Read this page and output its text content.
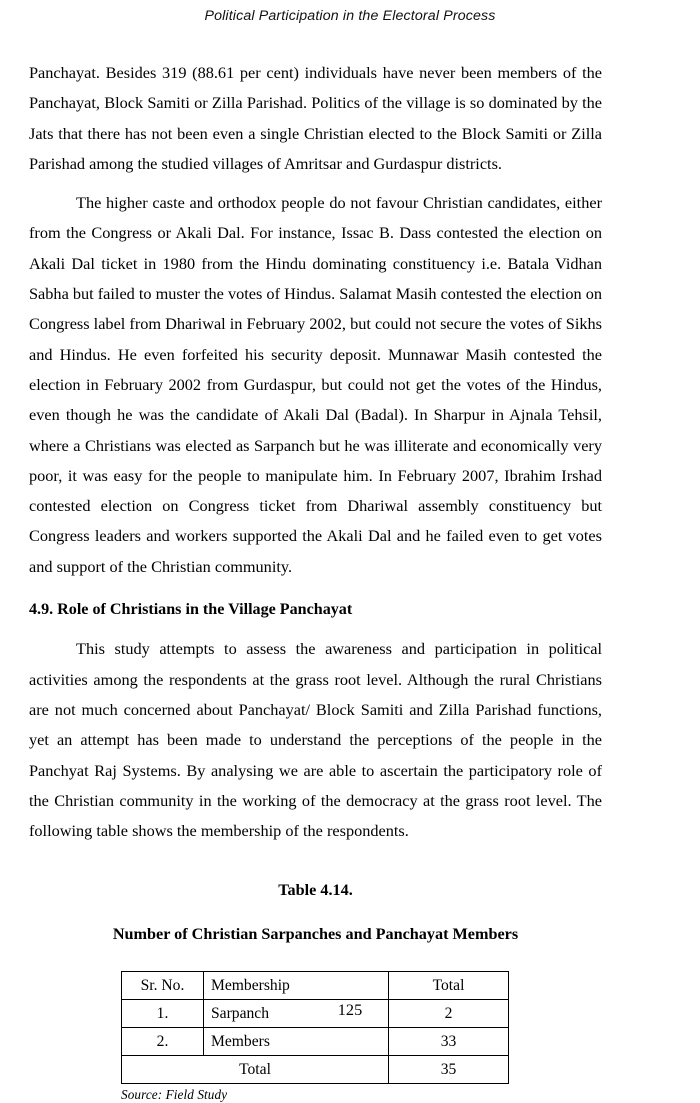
Political Participation in the Electoral Process

Panchayat. Besides 319 (88.61 per cent) individuals have never been members of the Panchayat, Block Samiti or Zilla Parishad. Politics of the village is so dominated by the Jats that there has not been even a single Christian elected to the Block Samiti or Zilla Parishad among the studied villages of Amritsar and Gurdaspur districts.

The higher caste and orthodox people do not favour Christian candidates, either from the Congress or Akali Dal. For instance, Issac B. Dass contested the election on Akali Dal ticket in 1980 from the Hindu dominating constituency i.e. Batala Vidhan Sabha but failed to muster the votes of Hindus. Salamat Masih contested the election on Congress label from Dhariwal in February 2002, but could not secure the votes of Sikhs and Hindus. He even forfeited his security deposit. Munnawar Masih contested the election in February 2002 from Gurdaspur, but could not get the votes of the Hindus, even though he was the candidate of Akali Dal (Badal). In Sharpur in Ajnala Tehsil, where a Christians was elected as Sarpanch but he was illiterate and economically very poor, it was easy for the people to manipulate him. In February 2007, Ibrahim Irshad contested election on Congress ticket from Dhariwal assembly constituency but Congress leaders and workers supported the Akali Dal and he failed even to get votes and support of the Christian community.

4.9. Role of Christians in the Village Panchayat

This study attempts to assess the awareness and participation in political activities among the respondents at the grass root level. Although the rural Christians are not much concerned about Panchayat/ Block Samiti and Zilla Parishad functions, yet an attempt has been made to understand the perceptions of the people in the Panchyat Raj Systems. By analysing we are able to ascertain the participatory role of the Christian community in the working of the democracy at the grass root level. The following table shows the membership of the respondents.

Table 4.14.

Number of Christian Sarpanches and Panchayat Members

Sr. No.	Membership	Total
1.	Sarpanch	2
2.	Members	33
Total		35

Source: Field Study

125
